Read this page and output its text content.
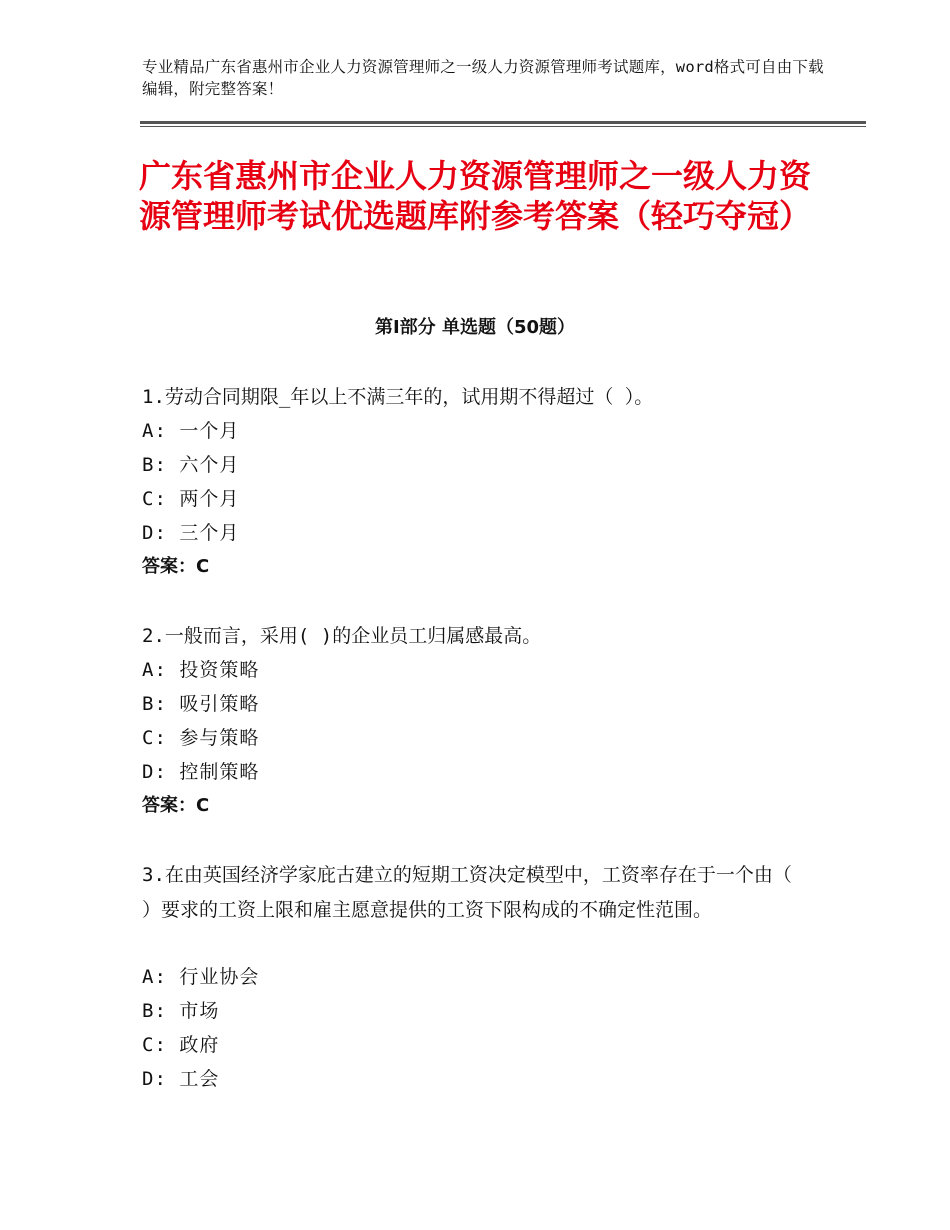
专业精品广东省惠州市企业人力资源管理师之一级人力资源管理师考试题库，word格式可自由下载编辑，附完整答案！
广东省惠州市企业人力资源管理师之一级人力资源管理师考试优选题库附参考答案（轻巧夺冠）
第Ⅰ部分 单选题（50题）
1.劳动合同期限_年以上不满三年的，试用期不得超过（ ）。
A: 一个月
B: 六个月
C: 两个月
D: 三个月
答案：C
2.一般而言，采用( )的企业员工归属感最高。
A: 投资策略
B: 吸引策略
C: 参与策略
D: 控制策略
答案：C
3.在由英国经济学家庇古建立的短期工资决定模型中，工资率存在于一个由（ ）要求的工资上限和雇主愿意提供的工资下限构成的不确定性范围。
A: 行业协会
B: 市场
C: 政府
D: 工会
